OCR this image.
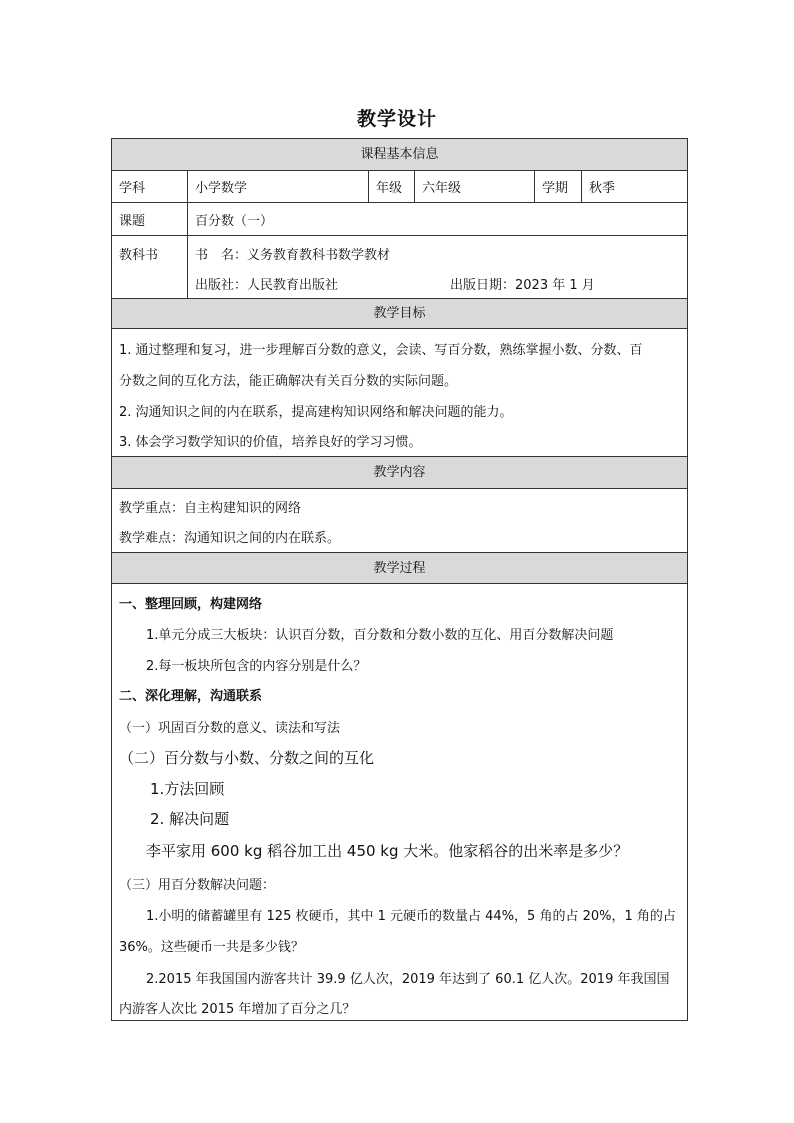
教学设计
课程基本信息
学科	小学数学	年级	六年级	学期	秋季
课题	百分数（一）
教科书	书　名：义务教育教科书数学教材
出版社：人民教育出版社	出版日期：2023 年 1 月
教学目标
1. 通过整理和复习，进一步理解百分数的意义，会读、写百分数，熟练掌握小数、分数、百
分数之间的互化方法，能正确解决有关百分数的实际问题。
2. 沟通知识之间的内在联系，提高建构知识网络和解决问题的能力。
3. 体会学习数学知识的价值，培养良好的学习习惯。
教学内容
教学重点：自主构建知识的网络
教学难点：沟通知识之间的内在联系。
教学过程
一、整理回顾，构建网络
1.单元分成三大板块：认识百分数，百分数和分数小数的互化、用百分数解决问题
2.每一板块所包含的内容分别是什么？
二、深化理解，沟通联系
（一）巩固百分数的意义、读法和写法
（二）百分数与小数、分数之间的互化
1.方法回顾
2. 解决问题
李平家用 600 kg 稻谷加工出 450 kg 大米。他家稻谷的出米率是多少？
（三）用百分数解决问题：
1.小明的储蓄罐里有 125 枚硬币，其中 1 元硬币的数量占 44%，5 角的占 20%，1 角的占
36%。这些硬币一共是多少钱？
2.2015 年我国国内游客共计 39.9 亿人次，2019 年达到了 60.1 亿人次。2019 年我国国
内游客人次比 2015 年增加了百分之几？
